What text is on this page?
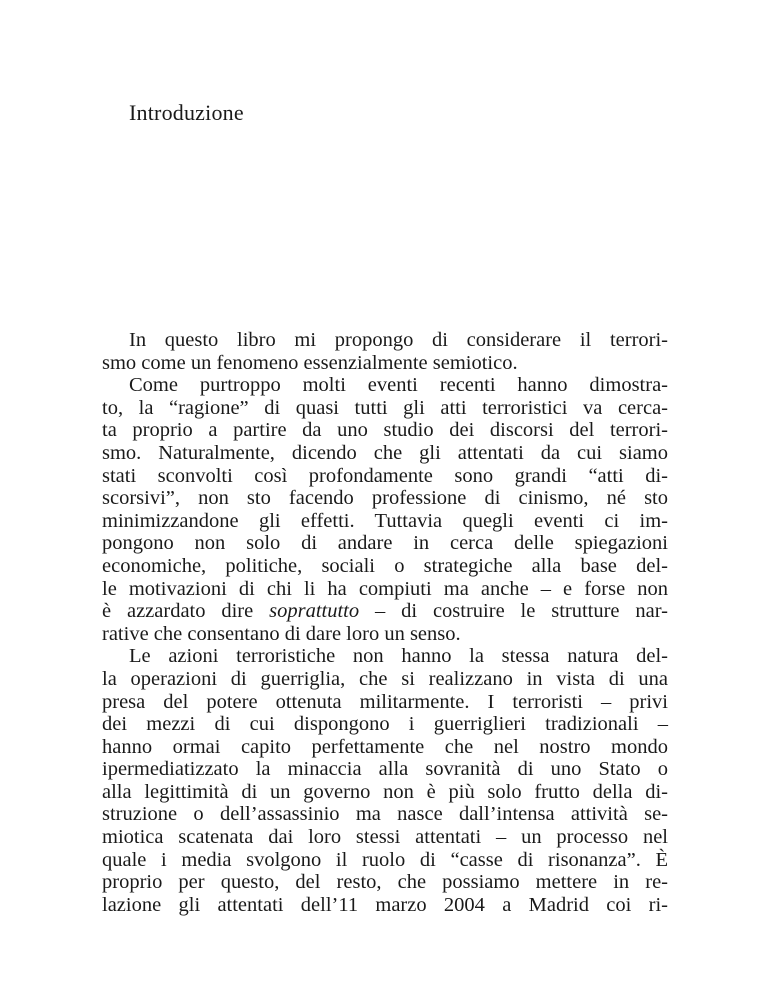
Introduzione
In questo libro mi propongo di considerare il terrori-
smo come un fenomeno essenzialmente semiotico.
Come purtroppo molti eventi recenti hanno dimostra-
to, la “ragione” di quasi tutti gli atti terroristici va cerca-
ta proprio a partire da uno studio dei discorsi del terrori-
smo. Naturalmente, dicendo che gli attentati da cui siamo
stati sconvolti così profondamente sono grandi “atti di-
scorsivi”, non sto facendo professione di cinismo, né sto
minimizzandone gli effetti. Tuttavia quegli eventi ci im-
pongono non solo di andare in cerca delle spiegazioni
economiche, politiche, sociali o strategiche alla base del-
le motivazioni di chi li ha compiuti ma anche – e forse non
è azzardato dire soprattutto – di costruire le strutture nar-
rative che consentano di dare loro un senso.
Le azioni terroristiche non hanno la stessa natura del-
la operazioni di guerriglia, che si realizzano in vista di una
presa del potere ottenuta militarmente. I terroristi – privi
dei mezzi di cui dispongono i guerriglieri tradizionali –
hanno ormai capito perfettamente che nel nostro mondo
ipermediatizzato la minaccia alla sovranità di uno Stato o
alla legittimità di un governo non è più solo frutto della di-
struzione o dell’assassinio ma nasce dall’intensa attività se-
miotica scatenata dai loro stessi attentati – un processo nel
quale i media svolgono il ruolo di “casse di risonanza”. È
proprio per questo, del resto, che possiamo mettere in re-
lazione gli attentati dell’11 marzo 2004 a Madrid coi ri-
